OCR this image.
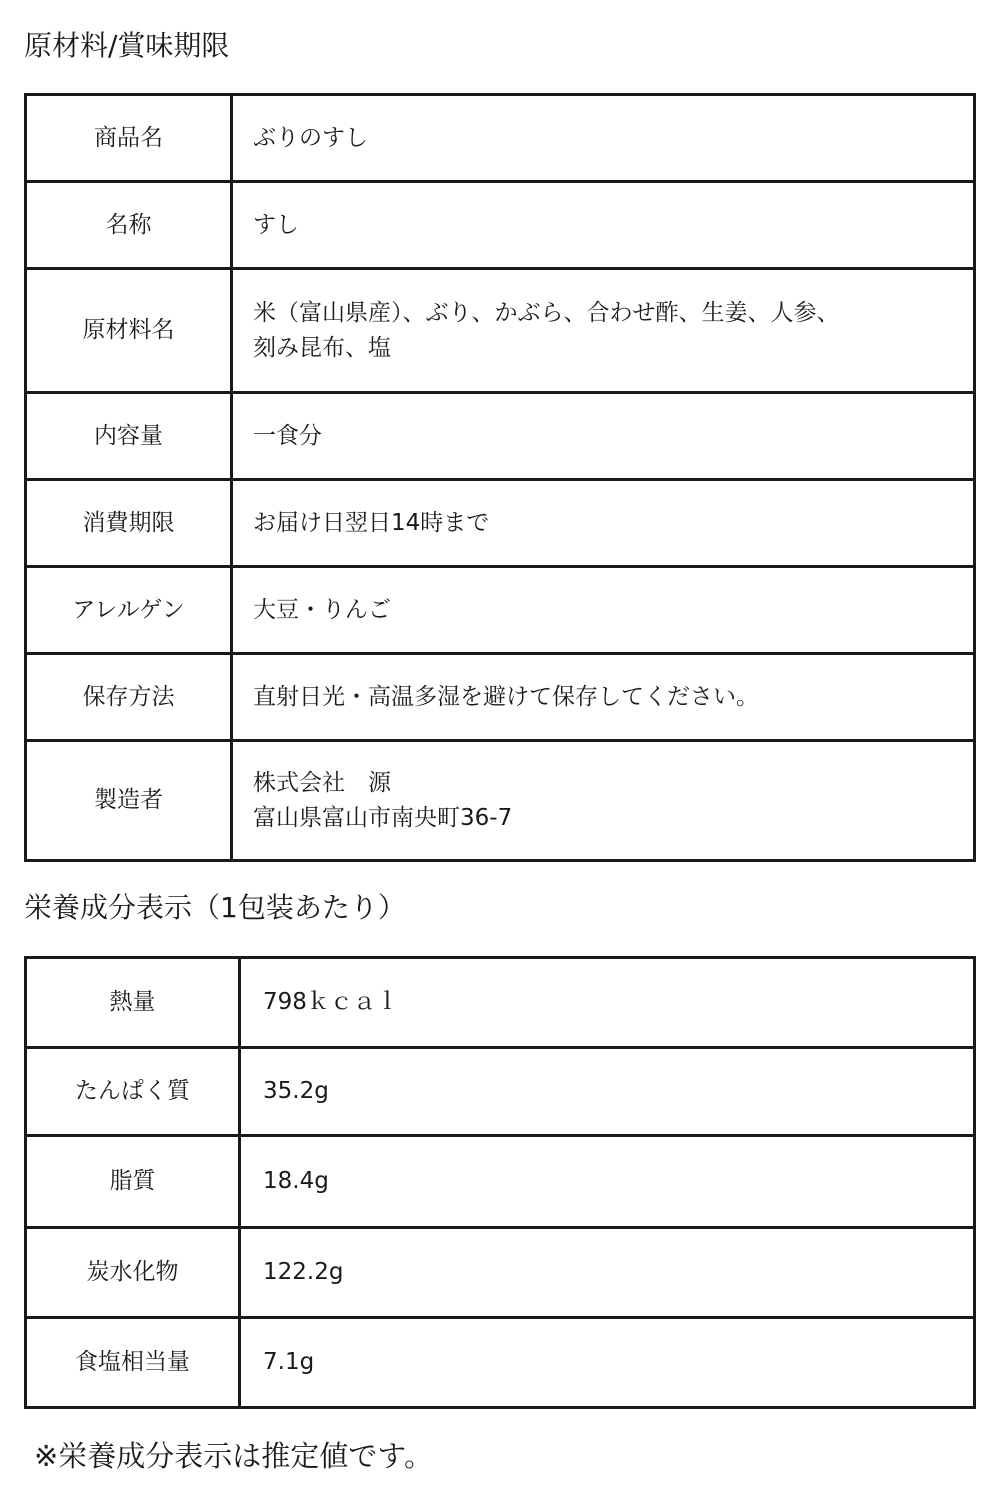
原材料/賞味期限
商品名	ぶりのすし

名称	すし

原材料名	米（富山県産）、ぶり、かぶら、合わせ酢、生姜、人参、
刻み昆布、塩

内容量	一食分

消費期限	お届け日翌日14時まで

アレルゲン	大豆・りんご

保存方法	直射日光・高温多湿を避けて保存してください。

製造者	株式会社　源
富山県富山市南央町36-7
栄養成分表示（1包装あたり）
熱量	798ｋｃａｌ
たんぱく質	35.2g
脂質	18.4g
炭水化物	122.2g
食塩相当量	7.1g
※栄養成分表示は推定値です。
